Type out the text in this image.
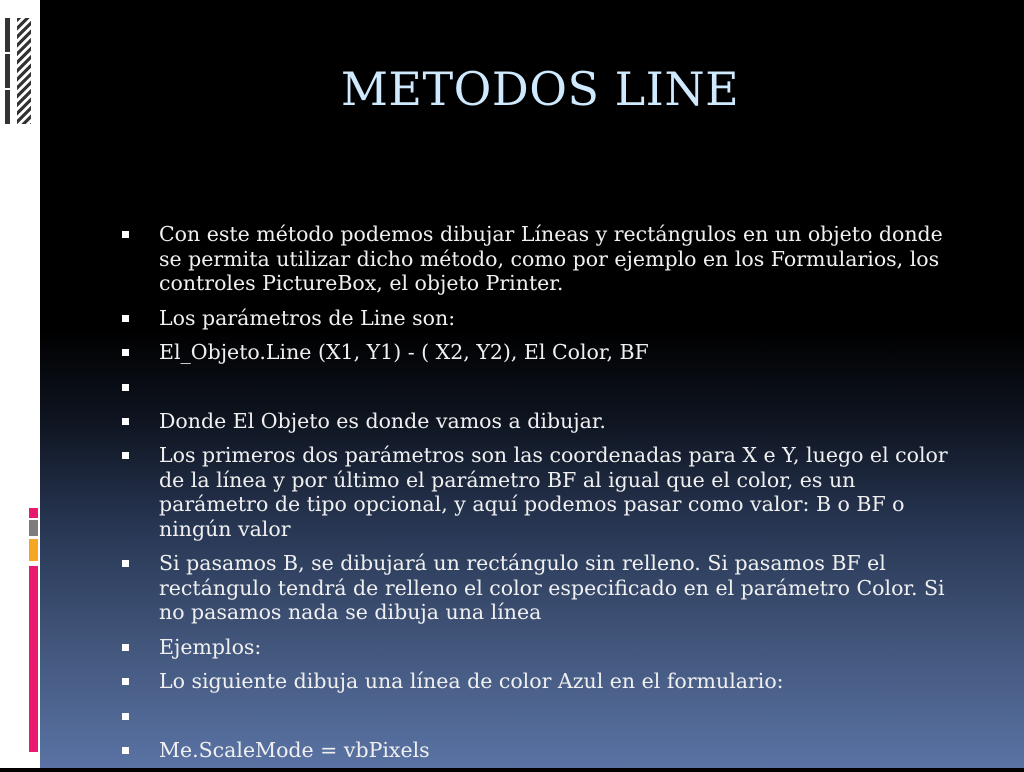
METODOS LINE
Con este método podemos dibujar Líneas y rectángulos en un objeto donde se permita utilizar dicho método, como por ejemplo en los Formularios, los controles PictureBox, el objeto Printer.
Los parámetros de Line son:
El_Objeto.Line (X1, Y1) - ( X2, Y2), El Color, BF
Donde El Objeto es donde vamos a dibujar.
Los primeros dos parámetros son las coordenadas para X e Y, luego el color de la línea y por último el parámetro BF al igual que el color, es un parámetro de tipo opcional, y aquí podemos pasar como valor: B o BF o ningún valor
Si pasamos B, se dibujará un rectángulo sin relleno. Si pasamos BF el rectángulo tendrá de relleno el color especificado en el parámetro Color. Si no pasamos nada se dibuja una línea
Ejemplos:
Lo siguiente dibuja una línea de color Azul en el formulario:
Me.ScaleMode = vbPixels
